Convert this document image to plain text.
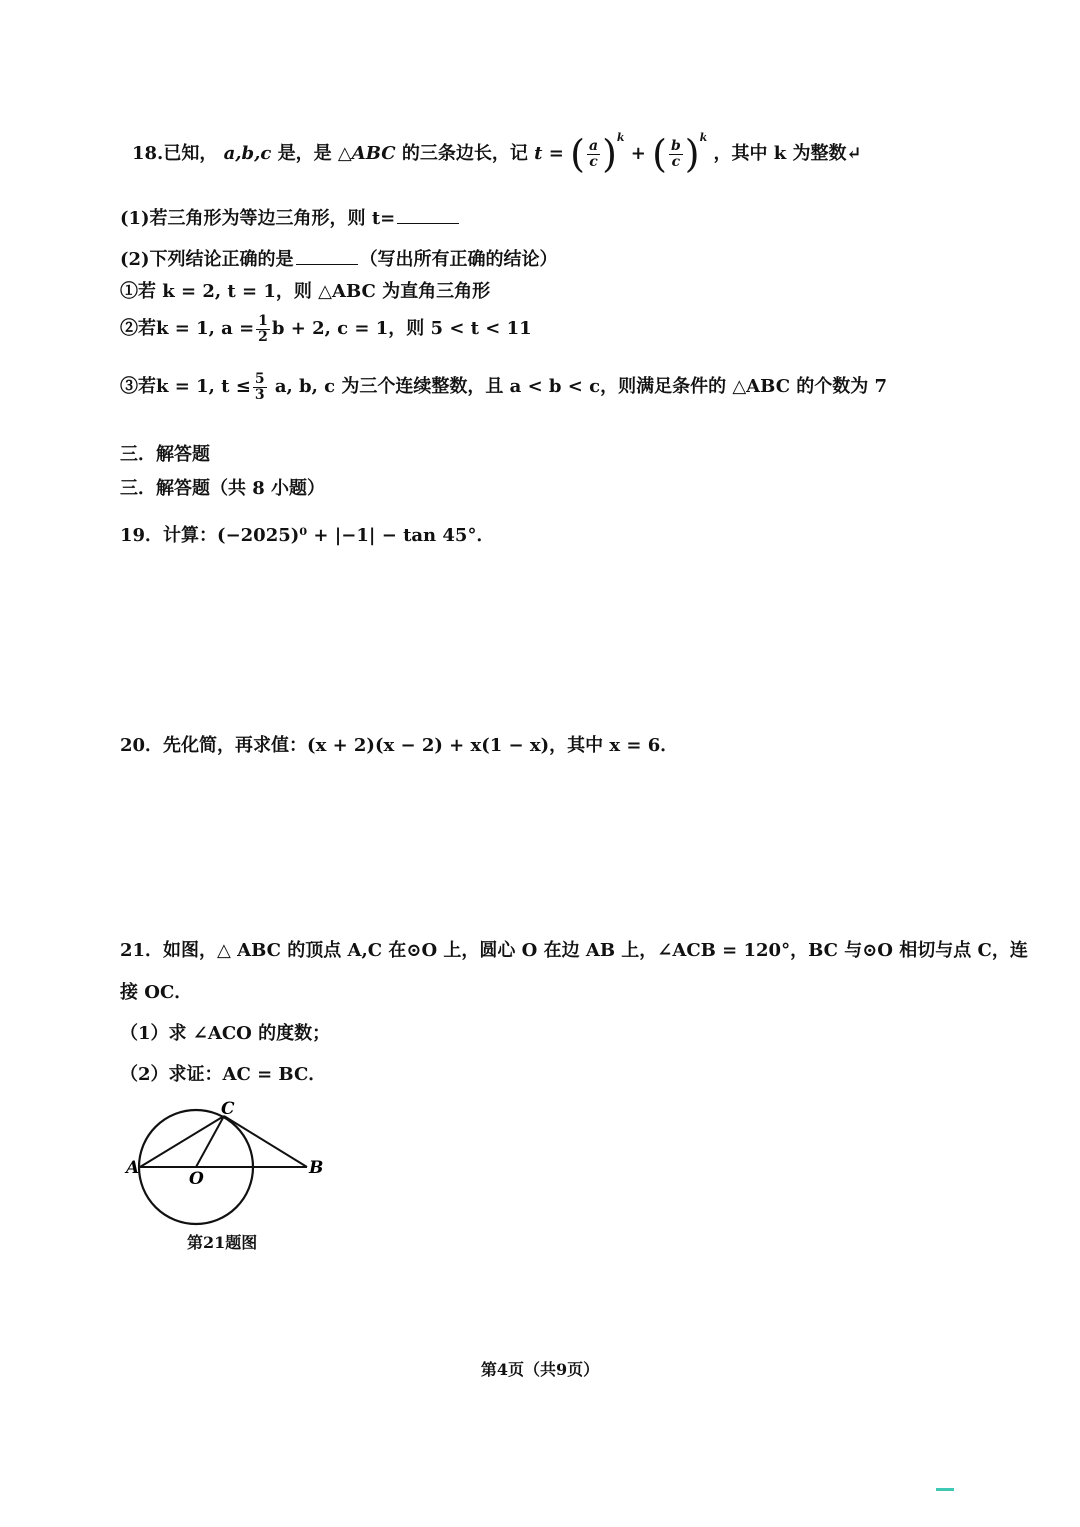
18.已知， a,b,c 是，是 △ABC 的三条边长，记 t = ( $\frac{a}{c} )^k$ + ( $\frac{b}{c} )^k$ ，其中 k 为整数↵
(1)若三角形为等边三角形，则 t=
(2)下列结论正确的是	（写出所有正确的结论）
①若 k = 2, t = 1，则 △ABC 为直角三角形
②若k = 1, $a = \frac{1}{2}$ b + 2, c = 1，则 5 < t < 11
③若k = 1, $t \le \frac{5}{3} a$, b, c 为三个连续整数，且 a < b < c，则满足条件的 △ABC 的个数为 7
三．解答题
三．解答题（共 8 小题）
19．计算：(−2025)⁰ + |−1| − tan 45°．
20．先化简，再求值：(x + 2)(x − 2) + x(1 − x)，其中 x = 6．
21．如图，△ ABC 的顶点 A,C 在⊙O 上，圆心 O 在边 AB 上，∠ACB = 120°，BC 与⊙O 相切与点 C，连
接 OC．
（1）求 ∠ACO 的度数；
（2）求证：AC = BC．
A	B
C
O
第21题图
第4页（共9页）
